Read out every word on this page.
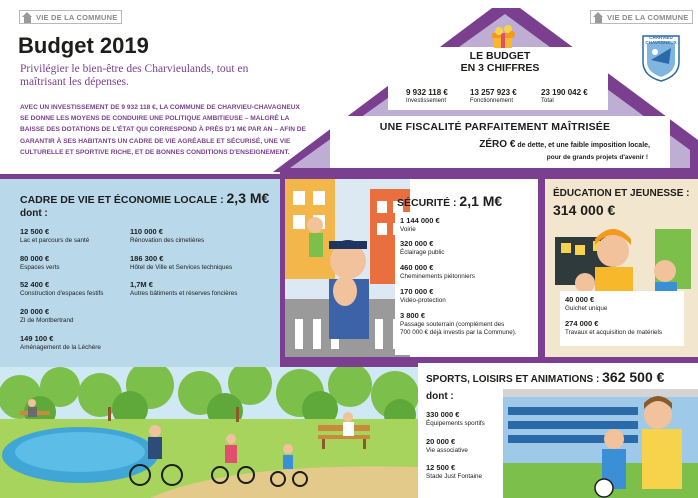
VIE DE LA COMMUNE	VIE DE LA COMMUNE
Budget 2019
Privilégier le bien-être des Charvieulands, tout en maîtrisant les dépenses.
AVEC UN INVESTISSEMENT DE 9 932 118 €, LA COMMUNE DE CHARVIEU-CHAVAGNEUX SE DONNE LES MOYENS DE CONDUIRE UNE POLITIQUE AMBITIEUSE – MALGRÉ LA BAISSE DES DOTATIONS DE L'ÉTAT QUI CORRESPOND À PRÈS D'1 M€ PAR AN – AFIN DE GARANTIR À SES HABITANTS UN CADRE DE VIE AGRÉABLE ET SÉCURISÉ, UNE VIE CULTURELLE ET SPORTIVE RICHE, ET DE BONNES CONDITIONS D'ENSEIGNEMENT.
LE BUDGET
EN 3 CHIFFRES
9 932 118 €
Investissement
13 257 923 €
Fonctionnement
23 190 042 €
Total
UNE FISCALITÉ PARFAITEMENT MAÎTRISÉE
ZÉRO € de dette, et une faible imposition locale,
pour de grands projets d'avenir !
CHARVIEU CHAVAGNEUX
CADRE DE VIE ET ÉCONOMIE LOCALE : 2,3 M€
dont :
12 500 €
Lac et parcours de santé
80 000 €
Espaces verts
52 400 €
Construction d'espaces festifs
20 000 €
ZI de Montbertrand
149 100 €
Aménagement de la Léchère
110 000 €
Rénovation des cimetières
186 300 €
Hôtel de Ville et Services techniques
1,7M €
Autres bâtiments et réserves foncières
SÉCURITÉ : 2,1 M€
1 144 000 €
Voirie
320 000 €
Éclairage public
460 000 €
Cheminements piétonniers
170 000 €
Vidéo-protection
3 800 €
Passage souterrain (complément des
700 000 € déjà investis par la Commune).
ÉDUCATION ET JEUNESSE :
314 000 €
40 000 €
Guichet unique
274 000 €
Travaux et acquisition de matériels
SPORTS, LOISIRS ET ANIMATIONS : 362 500 €
dont :
330 000 €
Équipements sportifs
20 000 €
Vie associative
12 500 €
Stade Just Fontaine
